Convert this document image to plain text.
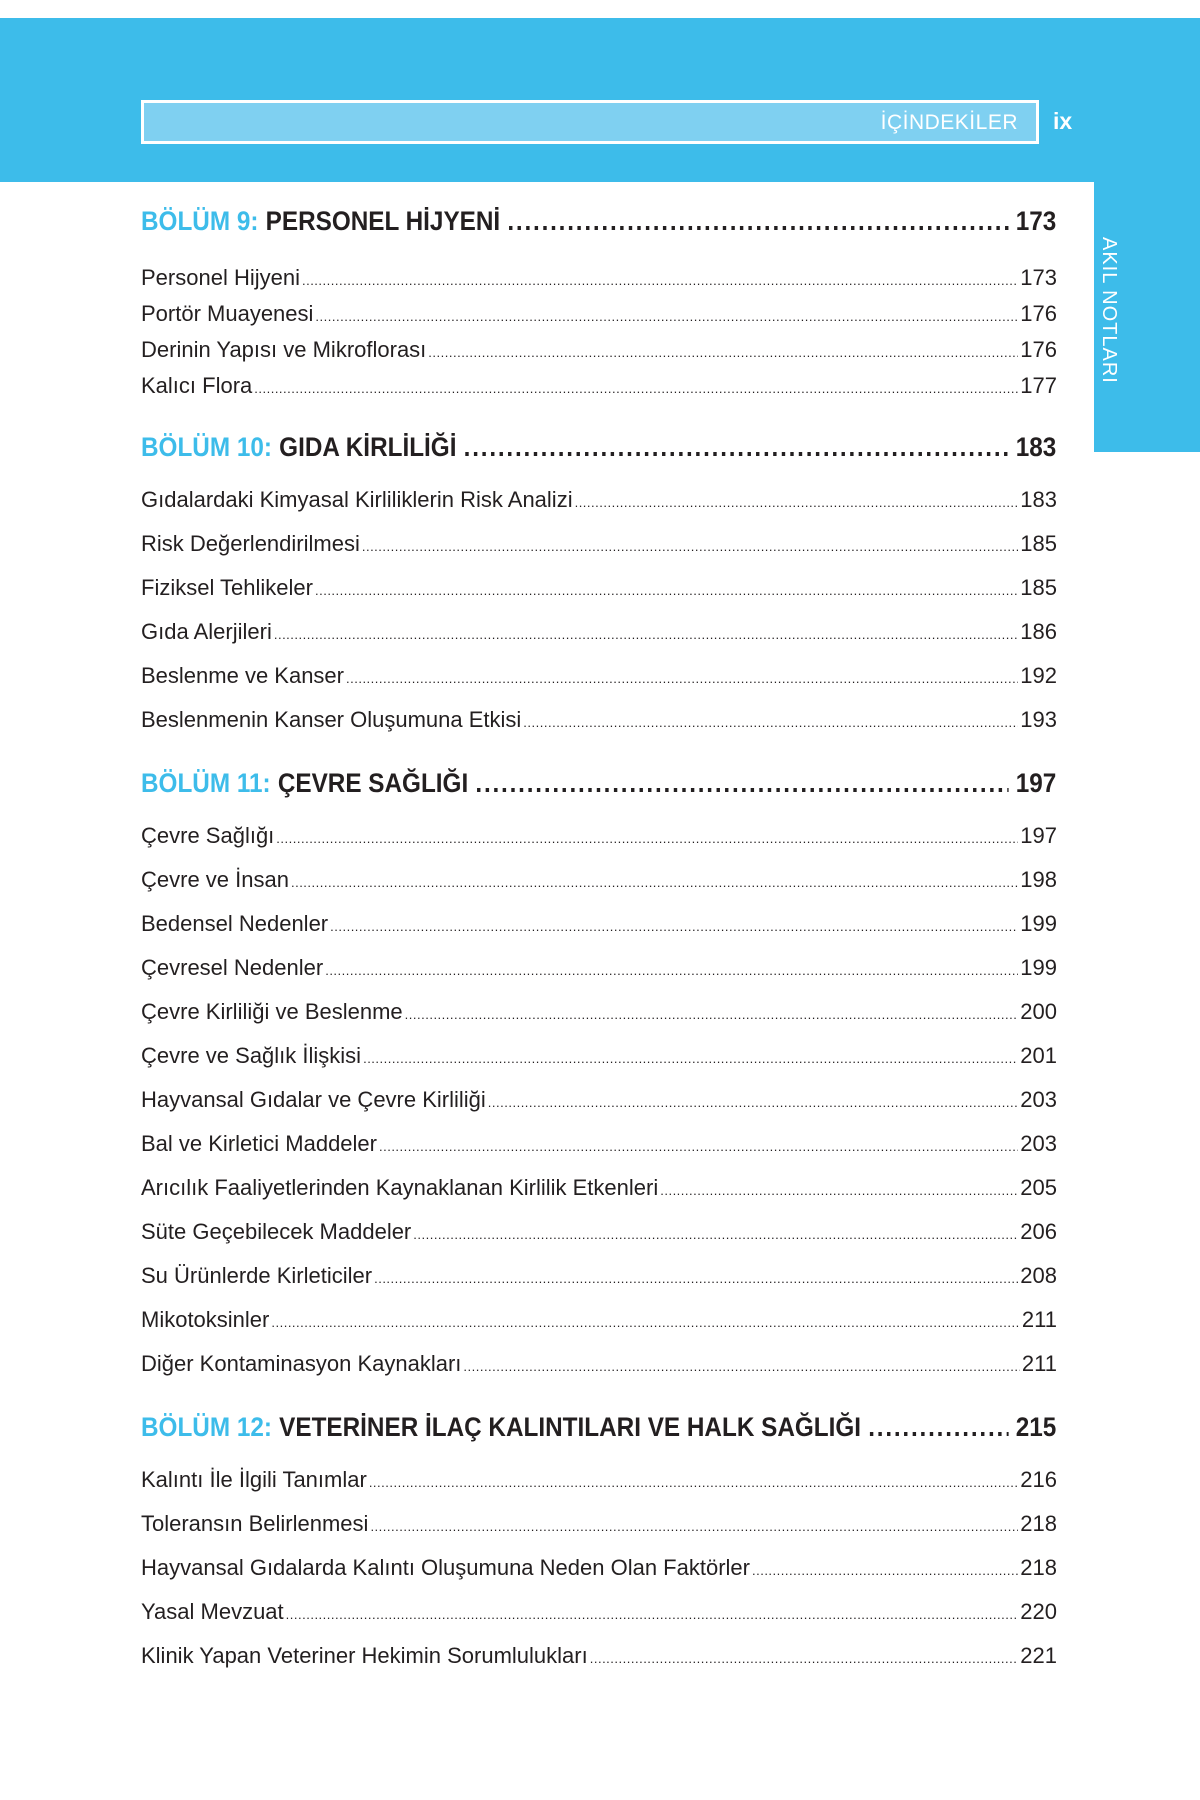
İÇİNDEKİLER ix
AKIL NOTLARI
BÖLÜM 9: PERSONEL HİJYENİ .....	173
Personel Hijyeni .....	173
Portör Muayenesi .....	176
Derinin Yapısı ve Mikroflorası .....	176
Kalıcı Flora .....	177
BÖLÜM 10: GIDA KİRLİLİĞİ .....	183
Gıdalardaki Kimyasal Kirliliklerin Risk Analizi .....	183
Risk Değerlendirilmesi .....	185
Fiziksel Tehlikeler .....	185
Gıda Alerjileri .....	186
Beslenme ve Kanser .....	192
Beslenmenin Kanser Oluşumuna Etkisi .....	193
BÖLÜM 11: ÇEVRE SAĞLIĞI .....	197
Çevre Sağlığı .....	197
Çevre ve İnsan .....	198
Bedensel Nedenler .....	199
Çevresel Nedenler .....	199
Çevre Kirliliği ve Beslenme .....	200
Çevre ve Sağlık İlişkisi .....	201
Hayvansal Gıdalar ve Çevre Kirliliği .....	203
Bal ve Kirletici Maddeler .....	203
Arıcılık Faaliyetlerinden Kaynaklanan Kirlilik Etkenleri .....	205
Süte Geçebilecek Maddeler .....	206
Su Ürünlerde Kirleticiler .....	208
Mikotoksinler .....	211
Diğer Kontaminasyon Kaynakları .....	211
BÖLÜM 12: VETERİNER İLAÇ KALINTILARI VE HALK SAĞLIĞI .....	215
Kalıntı İle İlgili Tanımlar .....	216
Toleransın Belirlenmesi .....	218
Hayvansal Gıdalarda Kalıntı Oluşumuna Neden Olan Faktörler .....	218
Yasal Mevzuat .....	220
Klinik Yapan Veteriner Hekimin Sorumlulukları .....	221
